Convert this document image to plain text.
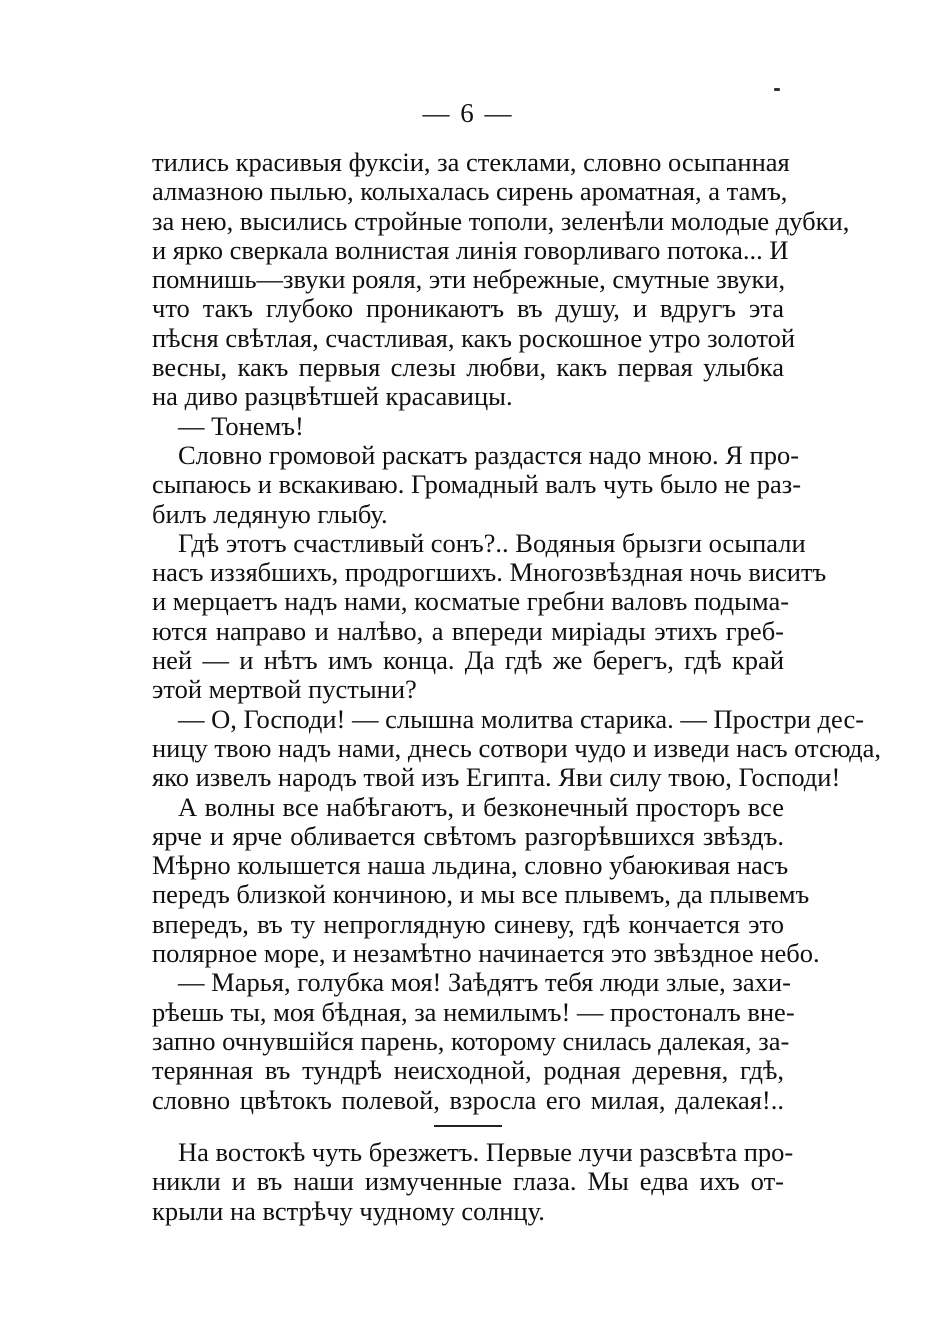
— 6 —
тились красивыя фуксіи, за стеклами, словно осыпанная
алмазною пылью, колыхалась сирень ароматная, а тамъ,
за нею, высились стройные тополи, зеленѣли молодые дубки,
и ярко сверкала волнистая линія говорливаго потока... И
помнишь—звуки рояля, эти небрежные, смутные звуки,
что такъ глубоко проникаютъ въ душу, и вдругъ эта
пѣсня свѣтлая, счастливая, какъ роскошное утро золотой
весны, какъ первыя слезы любви, какъ первая улыбка
на диво разцвѣтшей красавицы.
— Тонемъ!
Словно громовой раскатъ раздастся надо мною. Я про-
сыпаюсь и вскакиваю. Громадный валъ чуть было не раз-
билъ ледяную глыбу.
Гдѣ этотъ счастливый сонъ?.. Водяныя брызги осыпали
насъ иззябшихъ, продрогшихъ. Многозвѣздная ночь виситъ
и мерцаетъ надъ нами, косматые гребни валовъ подыма-
ются направо и налѣво, а впереди миріады этихъ греб-
ней — и нѣтъ имъ конца. Да гдѣ же берегъ, гдѣ край
этой мертвой пустыни?
— О, Господи! — слышна молитва старика. — Простри дес-
ницу твою надъ нами, днесь сотвори чудо и изведи насъ отсюда,
яко извелъ народъ твой изъ Египта. Яви силу твою, Господи!
А волны все набѣгаютъ, и безконечный просторъ все
ярче и ярче обливается свѣтомъ разгорѣвшихся звѣздъ.
Мѣрно колышется наша льдина, словно убаюкивая насъ
передъ близкой кончиною, и мы все плывемъ, да плывемъ
впередъ, въ ту непроглядную синеву, гдѣ кончается это
полярное море, и незамѣтно начинается это звѣздное небо.
— Марья, голубка моя! Заѣдятъ тебя люди злые, захи-
рѣешь ты, моя бѣдная, за немилымъ! — простоналъ вне-
запно очнувшійся парень, которому снилась далекая, за-
терянная въ тундрѣ неисходной, родная деревня, гдѣ,
словно цвѣтокъ полевой, взросла его милая, далекая!..
На востокѣ чуть брезжетъ. Первые лучи разсвѣта про-
никли и въ наши измученные глаза. Мы едва ихъ от-
крыли на встрѣчу чудному солнцу.
